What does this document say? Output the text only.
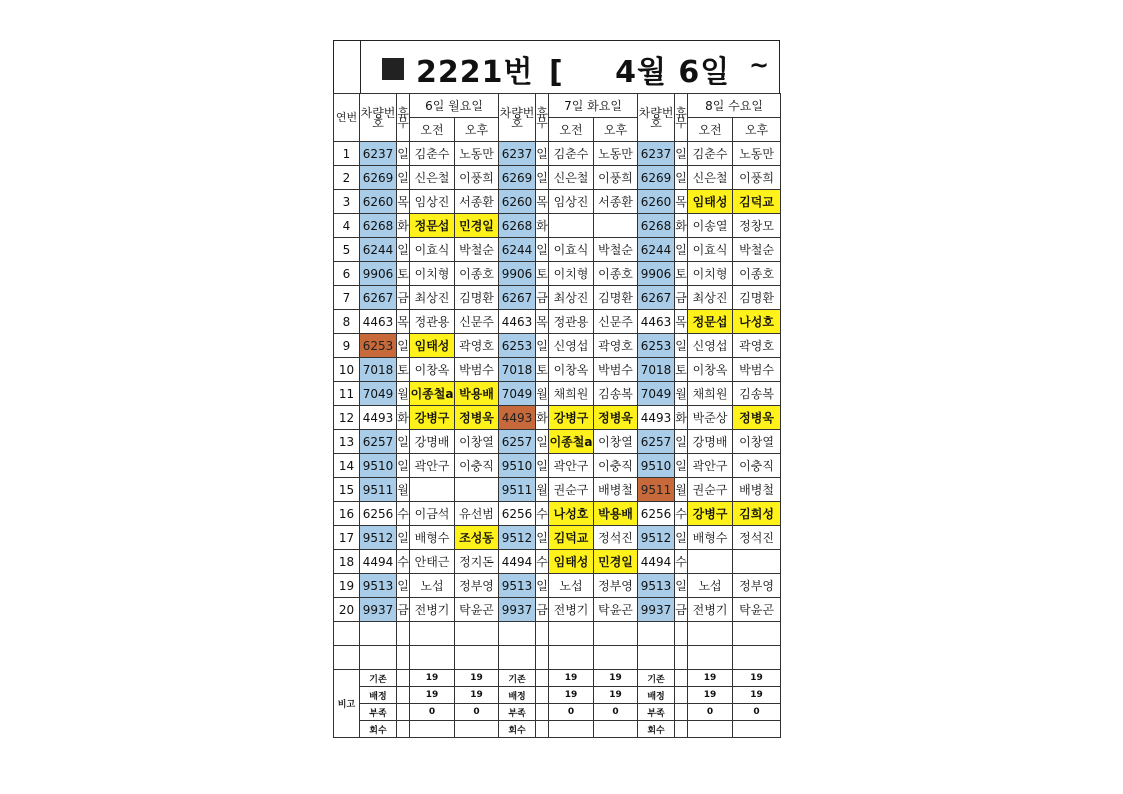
2221번 [ 4월 6일 ~
연번	차량번호	휴무	6일 월요일		차량번호	휴무	7일 화요일		차량번호	휴무	8일 수요일	
			오전	오후			오전	오후			오전	오후
1	6237	일	김춘수	노동만	6237	일	김춘수	노동만	6237	일	김춘수	노동만
2	6269	일	신은철	이풍희	6269	일	신은철	이풍희	6269	일	신은철	이풍희
3	6260	목	임상진	서종환	6260	목	임상진	서종환	6260	목	임태성	김덕교
4	6268	화	정문섭	민경일	6268	화			6268	화	이송열	정창모
5	6244	일	이효식	박철순	6244	일	이효식	박철순	6244	일	이효식	박철순
6	9906	토	이치형	이종호	9906	토	이치형	이종호	9906	토	이치형	이종호
7	6267	금	최상진	김명환	6267	금	최상진	김명환	6267	금	최상진	김명환
8	4463	목	정관용	신문주	4463	목	정관용	신문주	4463	목	정문섭	나성호
9	6253	일	임태성	곽영호	6253	일	신영섭	곽영호	6253	일	신영섭	곽영호
10	7018	토	이창옥	박범수	7018	토	이창옥	박범수	7018	토	이창옥	박범수
11	7049	월	이종철a	박용배	7049	월	채희원	김송복	7049	월	채희원	김송복
12	4493	화	강병구	정병욱	4493	화	강병구	정병욱	4493	화	박준상	정병욱
13	6257	일	강명배	이창열	6257	일	이종철a	이창열	6257	일	강명배	이창열
14	9510	일	곽안구	이충직	9510	일	곽안구	이충직	9510	일	곽안구	이충직
15	9511	월			9511	월	권순구	배병철	9511	월	권순구	배병철
16	6256	수	이금석	유선범	6256	수	나성호	박용배	6256	수	강병구	김희성
17	9512	일	배형수	조성동	9512	일	김덕교	정석진	9512	일	배형수	정석진
18	4494	수	안태근	정지돈	4494	수	임태성	민경일	4494	수		
19	9513	일	노섭	정부영	9513	일	노섭	정부영	9513	일	노섭	정부영
20	9937	금	전병기	탁윤곤	9937	금	전병기	탁윤곤	9937	금	전병기	탁윤곤

비고	기존		19	19	기존		19	19	기존		19	19
	배정		19	19	배정		19	19	배정		19	19
	부족		0	0	부족		0	0	부족		0	0
	회수				회수				회수			
